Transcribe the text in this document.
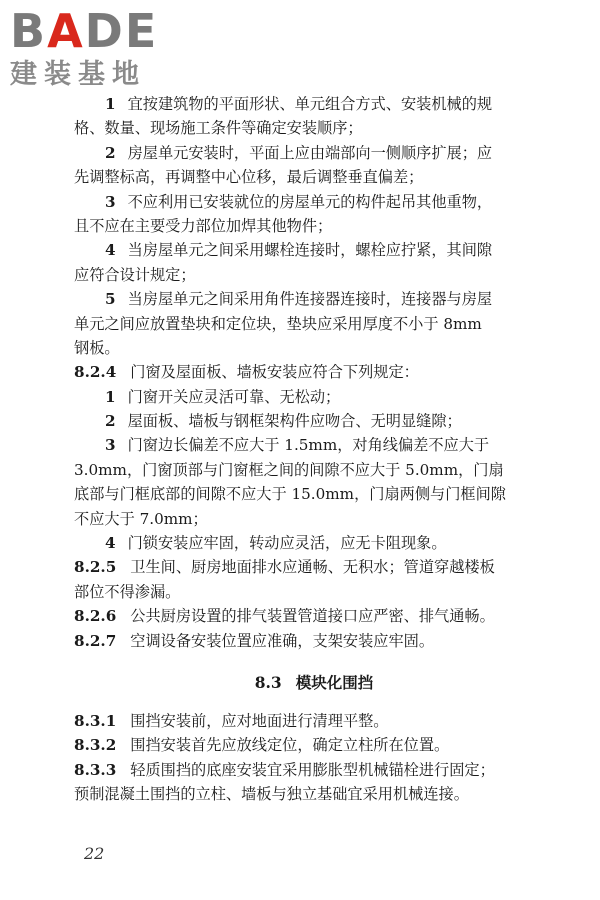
BADE
建装基地
1 宜按建筑物的平面形状、单元组合方式、安装机械的规
格、数量、现场施工条件等确定安装顺序；
2 房屋单元安装时，平面上应由端部向一侧顺序扩展；应
先调整标高，再调整中心位移，最后调整垂直偏差；
3 不应利用已安装就位的房屋单元的构件起吊其他重物，
且不应在主要受力部位加焊其他物件；
4 当房屋单元之间采用螺栓连接时，螺栓应拧紧，其间隙
应符合设计规定；
5 当房屋单元之间采用角件连接器连接时，连接器与房屋
单元之间应放置垫块和定位块，垫块应采用厚度不小于 8mm
钢板。
8.2.4 门窗及屋面板、墙板安装应符合下列规定：
1 门窗开关应灵活可靠、无松动；
2 屋面板、墙板与钢框架构件应吻合、无明显缝隙；
3 门窗边长偏差不应大于 1.5mm，对角线偏差不应大于
3.0mm，门窗顶部与门窗框之间的间隙不应大于 5.0mm，门扇
底部与门框底部的间隙不应大于 15.0mm，门扇两侧与门框间隙
不应大于 7.0mm；
4 门锁安装应牢固，转动应灵活，应无卡阻现象。
8.2.5 卫生间、厨房地面排水应通畅、无积水；管道穿越楼板
部位不得渗漏。
8.2.6 公共厨房设置的排气装置管道接口应严密、排气通畅。
8.2.7 空调设备安装位置应准确，支架安装应牢固。
8.3 模块化围挡
8.3.1 围挡安装前，应对地面进行清理平整。
8.3.2 围挡安装首先应放线定位，确定立柱所在位置。
8.3.3 轻质围挡的底座安装宜采用膨胀型机械锚栓进行固定；
预制混凝土围挡的立柱、墙板与独立基础宜采用机械连接。
22
